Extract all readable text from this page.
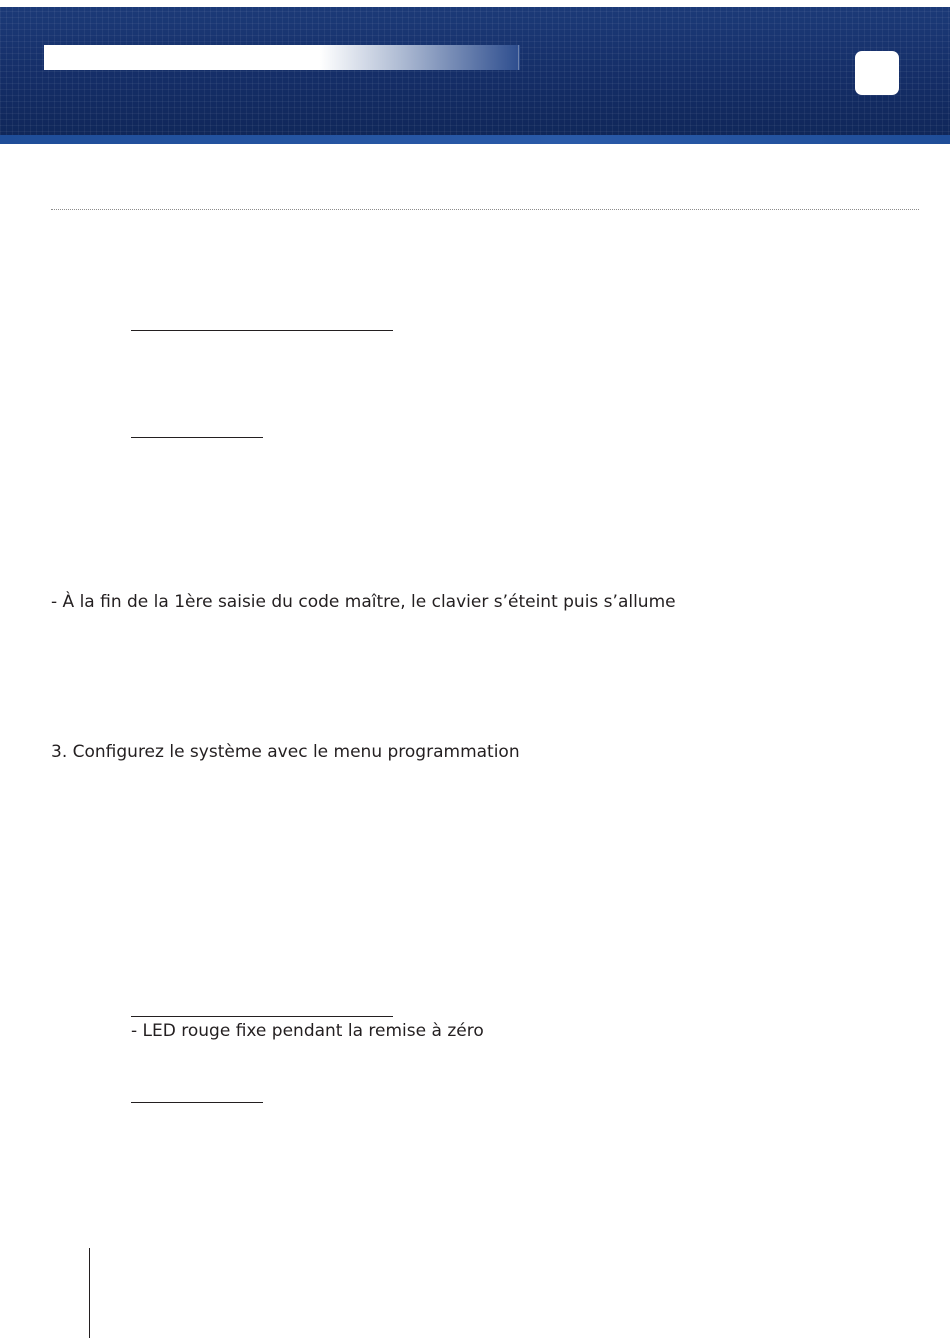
- À la fin de la 1ère saisie du code maître, le clavier s’éteint puis s’allume
3. Configurez le système avec le menu programmation
- LED rouge fixe pendant la remise à zéro
